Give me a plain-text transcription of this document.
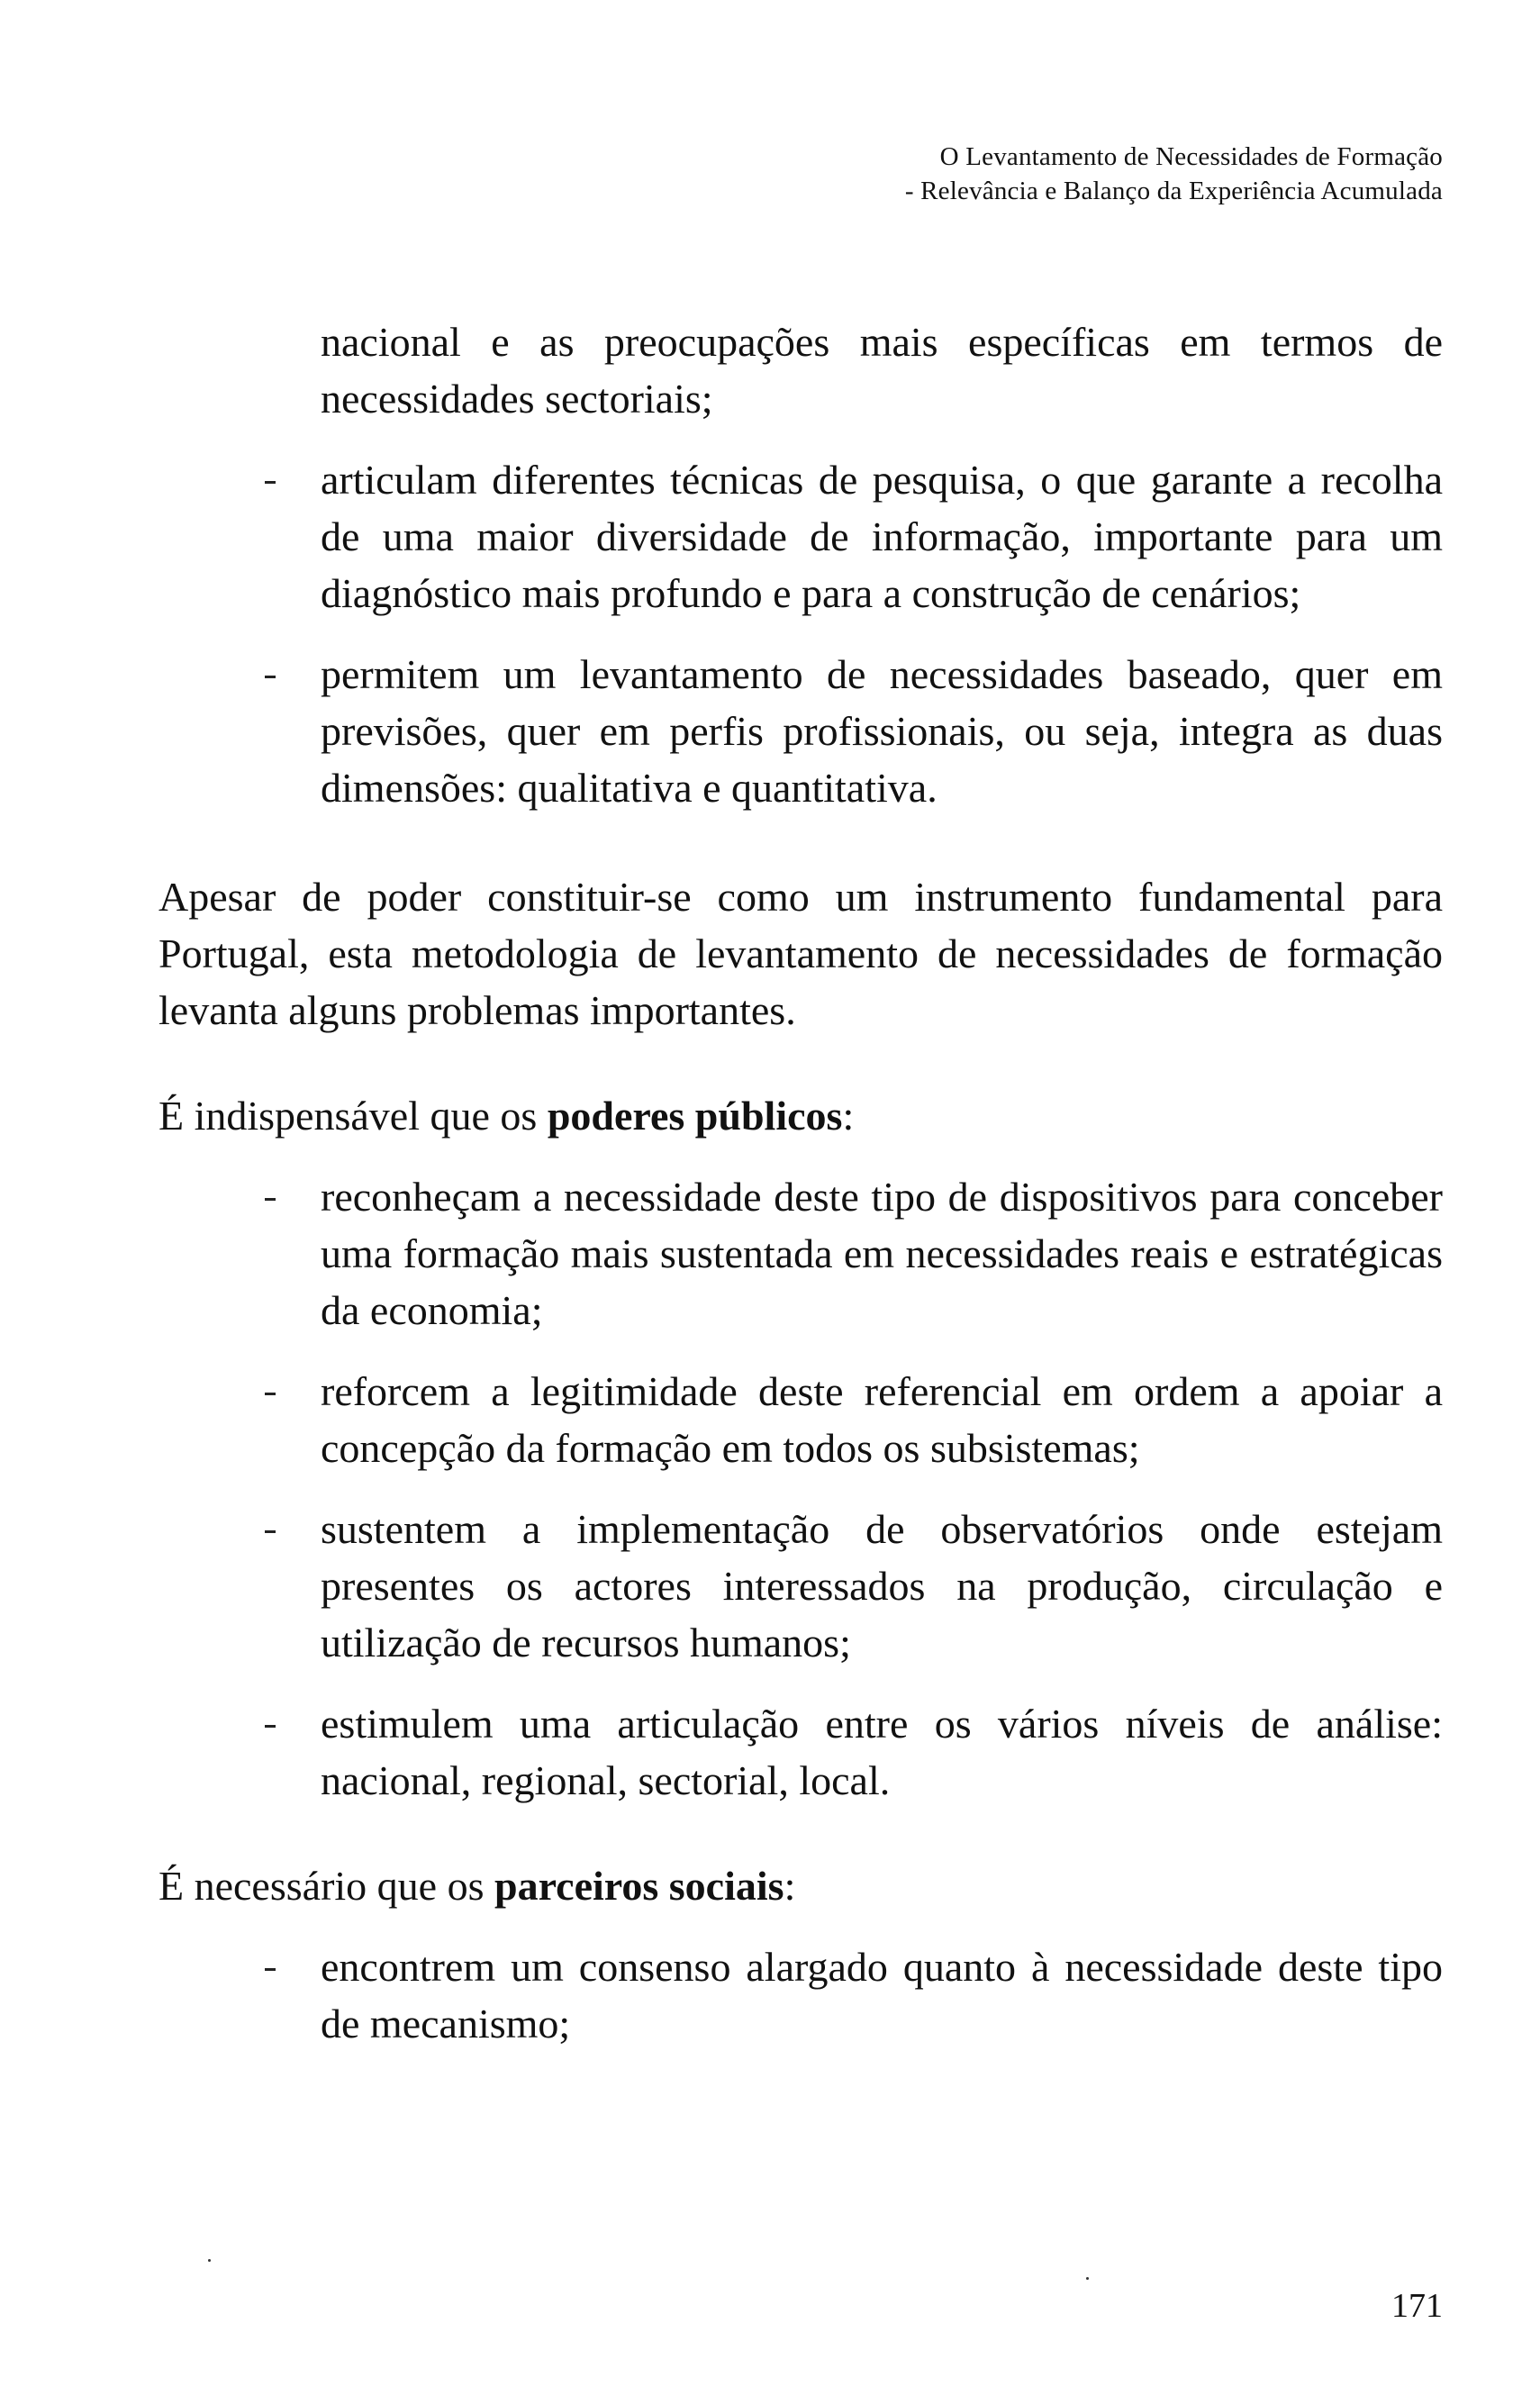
O Levantamento de Necessidades de Formação
- Relevância e Balanço da Experiência Acumulada

nacional e as preocupações mais específicas em termos de necessidades sectoriais;

articulam diferentes técnicas de pesquisa, o que garante a recolha de uma maior diversidade de informação, importante para um diagnóstico mais profundo e para a construção de cenários;

permitem um levantamento de necessidades baseado, quer em previsões, quer em perfis profissionais, ou seja, integra as duas dimensões: qualitativa e quantitativa.

Apesar de poder constituir-se como um instrumento fundamental para Portugal, esta metodologia de levantamento de necessidades de formação levanta alguns problemas importantes.

É indispensável que os poderes públicos:

reconheçam a necessidade deste tipo de dispositivos para conceber uma formação mais sustentada em necessidades reais e estratégicas da economia;

reforcem a legitimidade deste referencial em ordem a apoiar a concepção da formação em todos os subsistemas;

sustentem a implementação de observatórios onde estejam presentes os actores interessados na produção, circulação e utilização de recursos humanos;

estimulem uma articulação entre os vários níveis de análise: nacional, regional, sectorial, local.

É necessário que os parceiros sociais:

encontrem um consenso alargado quanto à necessidade deste tipo de mecanismo;

171
